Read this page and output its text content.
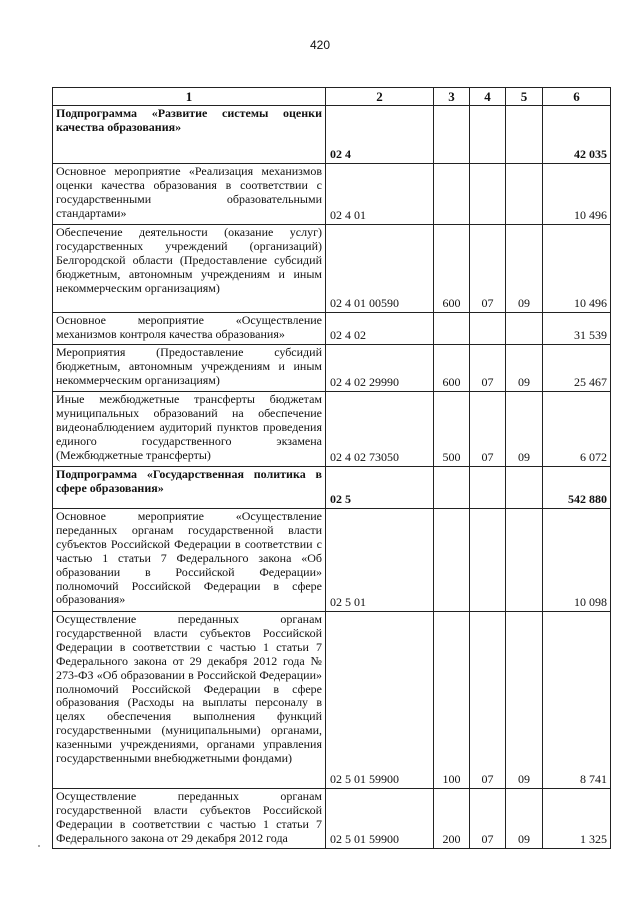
420
1	2	3	4	5	6
Подпрограмма «Развитие системы оценки качества образования»	02 4				42 035
Основное мероприятие «Реализация механизмов оценки качества образования в соответствии с государственными образовательными стандартами»	02 4 01				10 496
Обеспечение деятельности (оказание услуг) государственных учреждений (организаций) Белгородской области (Предоставление субсидий бюджетным, автономным учреждениям и иным некоммерческим организациям)	02 4 01 00590	600	07	09	10 496
Основное мероприятие «Осуществление механизмов контроля качества образования»	02 4 02				31 539
Мероприятия (Предоставление субсидий бюджетным, автономным учреждениям и иным некоммерческим организациям)	02 4 02 29990	600	07	09	25 467
Иные межбюджетные трансферты бюджетам муниципальных образований на обеспечение видеонаблюдением аудиторий пунктов проведения единого государственного экзамена (Межбюджетные трансферты)	02 4 02 73050	500	07	09	6 072
Подпрограмма «Государственная политика в сфере образования»	02 5				542 880
Основное мероприятие «Осуществление переданных органам государственной власти субъектов Российской Федерации в соответствии с частью 1 статьи 7 Федерального закона «Об образовании в Российской Федерации» полномочий Российской Федерации в сфере образования»	02 5 01				10 098
Осуществление переданных органам государственной власти субъектов Российской Федерации в соответствии с частью 1 статьи 7 Федерального закона от 29 декабря 2012 года № 273-ФЗ «Об образовании в Российской Федерации» полномочий Российской Федерации в сфере образования (Расходы на выплаты персоналу в целях обеспечения выполнения функций государственными (муниципальными) органами, казенными учреждениями, органами управления государственными внебюджетными фондами)	02 5 01 59900	100	07	09	8 741
Осуществление переданных органам государственной власти субъектов Российской Федерации в соответствии с частью 1 статьи 7 Федерального закона от 29 декабря 2012 года	02 5 01 59900	200	07	09	1 325
